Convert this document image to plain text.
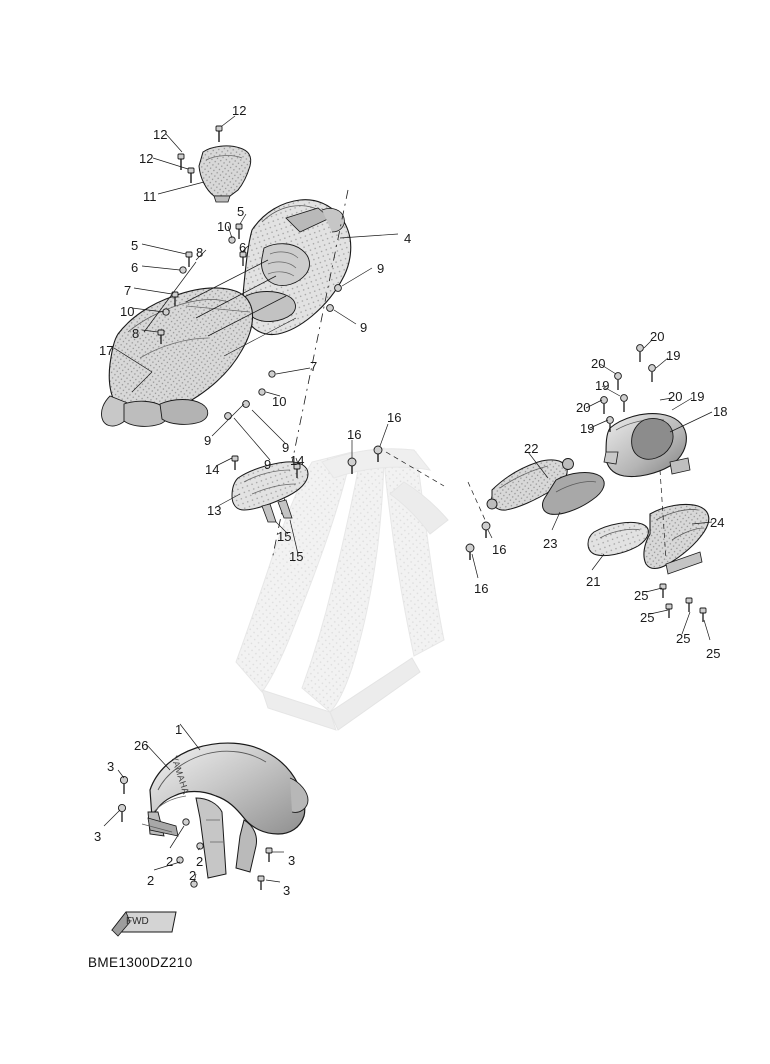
YAMAHA
FWD
BME1300DZ210
12
12
12
11
5
10
6
4
5	8
6	9
7
10
9
8	20
17	19
20
7
19
20 19
20
10
16	18
19
16
22
9	9
9
14
14
24
13
23
16
15
15
21
16	25
25
25
25
1
26
3
3
2 2	3
2	2
3
